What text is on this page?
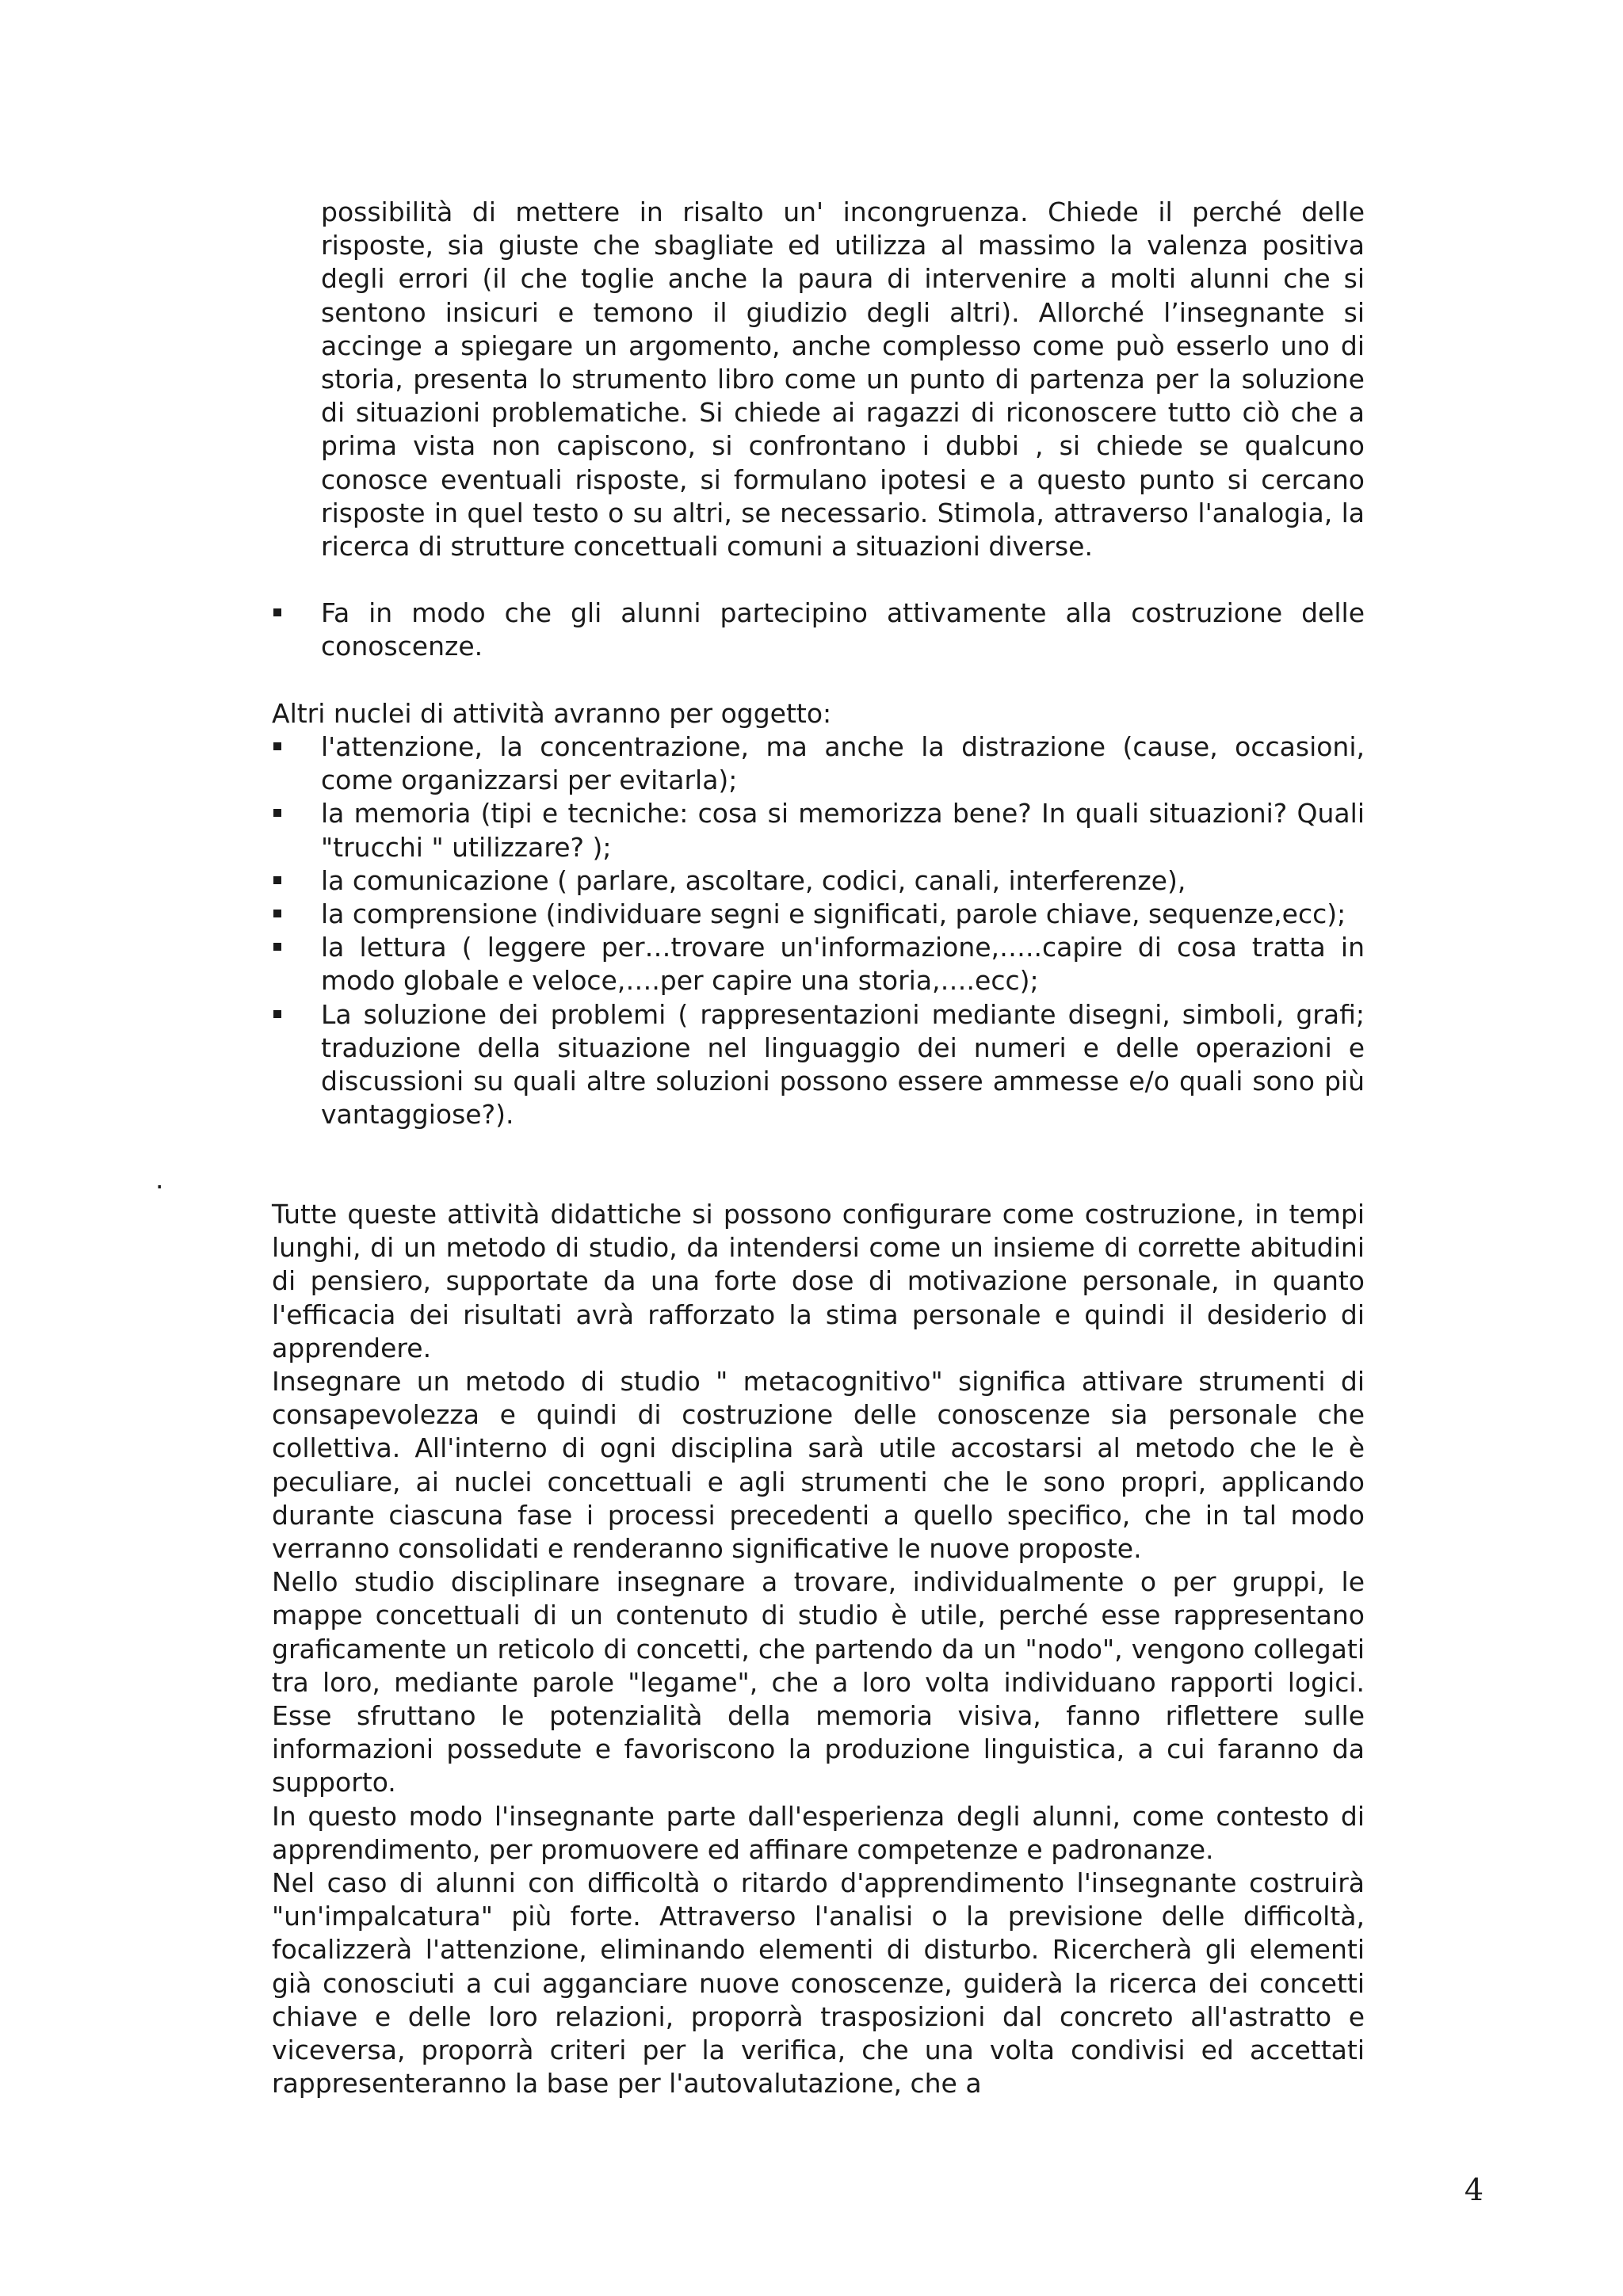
possibilità di mettere in risalto un' incongruenza. Chiede il perché delle risposte, sia giuste che sbagliate ed utilizza al massimo la valenza positiva degli errori (il che toglie anche la paura di intervenire a molti alunni che si sentono insicuri e temono il giudizio degli altri). Allorché l’insegnante si accinge a spiegare un argomento, anche complesso come può esserlo uno di storia, presenta lo strumento libro come un punto di partenza per la soluzione di situazioni problematiche. Si chiede ai ragazzi di riconoscere tutto ciò che a prima vista non capiscono, si confrontano i dubbi , si chiede se qualcuno conosce eventuali risposte, si formulano ipotesi e a questo punto si cercano risposte in quel testo o su altri, se necessario. Stimola, attraverso l'analogia, la ricerca di strutture concettuali comuni a situazioni diverse.
Fa in modo che gli alunni partecipino attivamente alla costruzione delle conoscenze.
Altri nuclei di attività avranno per oggetto:
l'attenzione, la concentrazione, ma anche la distrazione (cause, occasioni, come organizzarsi per evitarla);
la memoria (tipi e tecniche: cosa si memorizza bene? In quali situazioni? Quali "trucchi " utilizzare? );
la comunicazione ( parlare, ascoltare, codici, canali, interferenze),
la comprensione (individuare segni e significati, parole chiave, sequenze,ecc);
la lettura ( leggere per…trovare un'informazione,…..capire di cosa tratta in modo globale e veloce,….per capire una storia,….ecc);
La soluzione dei problemi ( rappresentazioni mediante disegni, simboli, grafi; traduzione della situazione nel linguaggio dei numeri e delle operazioni e discussioni su quali altre soluzioni possono essere ammesse e/o quali sono più vantaggiose?).
.

Tutte queste attività didattiche si possono configurare come costruzione, in tempi lunghi, di un metodo di studio, da intendersi come un insieme di corrette abitudini di pensiero, supportate da una forte dose di motivazione personale, in quanto l'efficacia dei risultati avrà rafforzato la stima personale e quindi il desiderio di apprendere.

Insegnare un metodo di studio " metacognitivo" significa attivare strumenti di consapevolezza e quindi di costruzione delle conoscenze sia personale che collettiva. All'interno di ogni disciplina sarà utile accostarsi al metodo che le è peculiare, ai nuclei concettuali e agli strumenti che le sono propri, applicando durante ciascuna fase i processi precedenti a quello specifico, che in tal modo verranno consolidati e renderanno significative le nuove proposte.

Nello studio disciplinare insegnare a trovare, individualmente o per gruppi, le mappe concettuali di un contenuto di studio è utile, perché esse rappresentano graficamente un reticolo di concetti, che partendo da un "nodo", vengono collegati tra loro, mediante parole "legame", che a loro volta individuano rapporti logici. Esse sfruttano le potenzialità della memoria visiva, fanno riflettere sulle informazioni possedute e favoriscono la produzione linguistica, a cui faranno da supporto.

In questo modo l'insegnante parte dall'esperienza degli alunni, come contesto di apprendimento, per promuovere ed affinare competenze e padronanze.

Nel caso di alunni con difficoltà o ritardo d'apprendimento l'insegnante costruirà "un'impalcatura" più forte. Attraverso l'analisi o la previsione delle difficoltà, focalizzerà l'attenzione, eliminando elementi di disturbo. Ricercherà gli elementi già conosciuti a cui agganciare nuove conoscenze, guiderà la ricerca dei concetti chiave e delle loro relazioni, proporrà trasposizioni dal concreto all'astratto e viceversa, proporrà criteri per la verifica, che una volta condivisi ed accettati rappresenteranno la base per l'autovalutazione, che a

4
